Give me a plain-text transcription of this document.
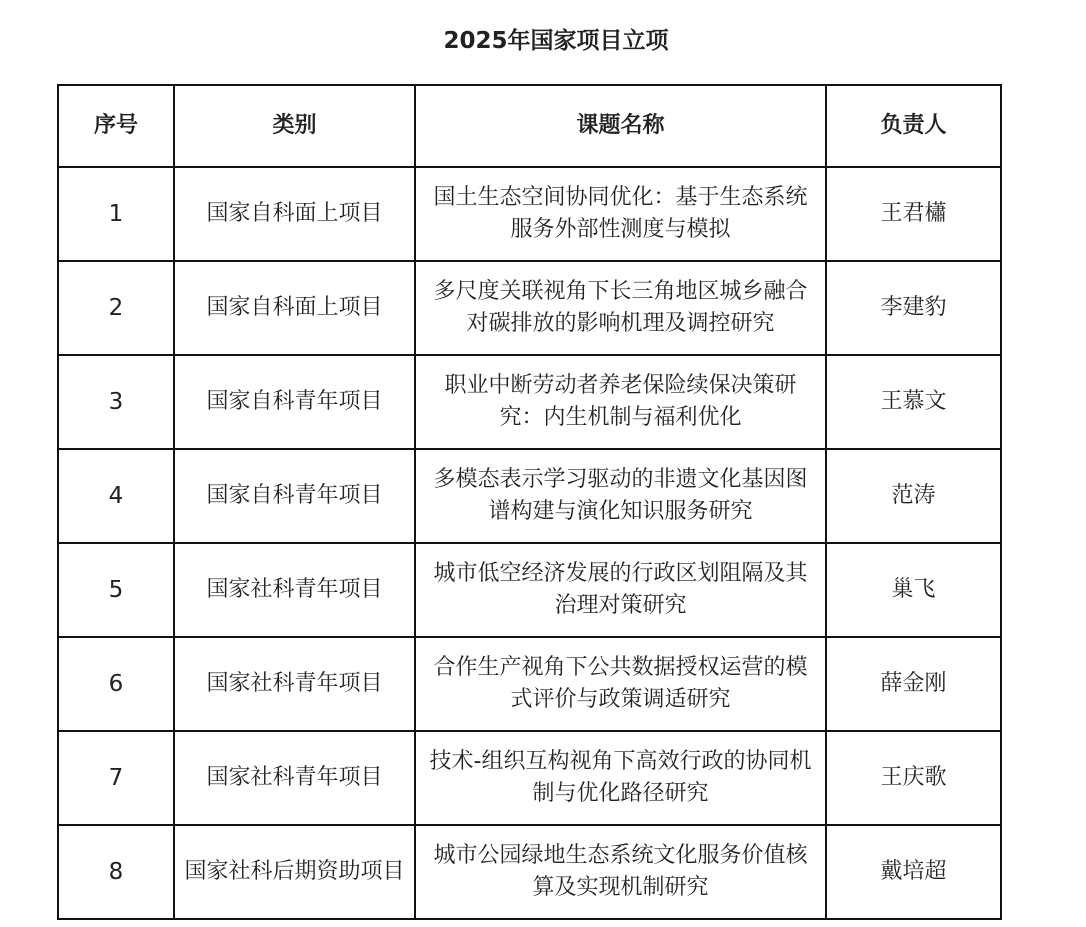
2025年国家项目立项
序号	类别	课题名称	负责人
1	国家自科面上项目	国土生态空间协同优化：基于生态系统服务外部性测度与模拟	王君櫹
2	国家自科面上项目	多尺度关联视角下长三角地区城乡融合对碳排放的影响机理及调控研究	李建豹
3	国家自科青年项目	职业中断劳动者养老保险续保决策研究：内生机制与福利优化	王慕文
4	国家自科青年项目	多模态表示学习驱动的非遗文化基因图谱构建与演化知识服务研究	范涛
5	国家社科青年项目	城市低空经济发展的行政区划阻隔及其治理对策研究	巢飞
6	国家社科青年项目	合作生产视角下公共数据授权运营的模式评价与政策调适研究	薛金刚
7	国家社科青年项目	技术-组织互构视角下高效行政的协同机制与优化路径研究	王庆歌
8	国家社科后期资助项目	城市公园绿地生态系统文化服务价值核算及实现机制研究	戴培超
